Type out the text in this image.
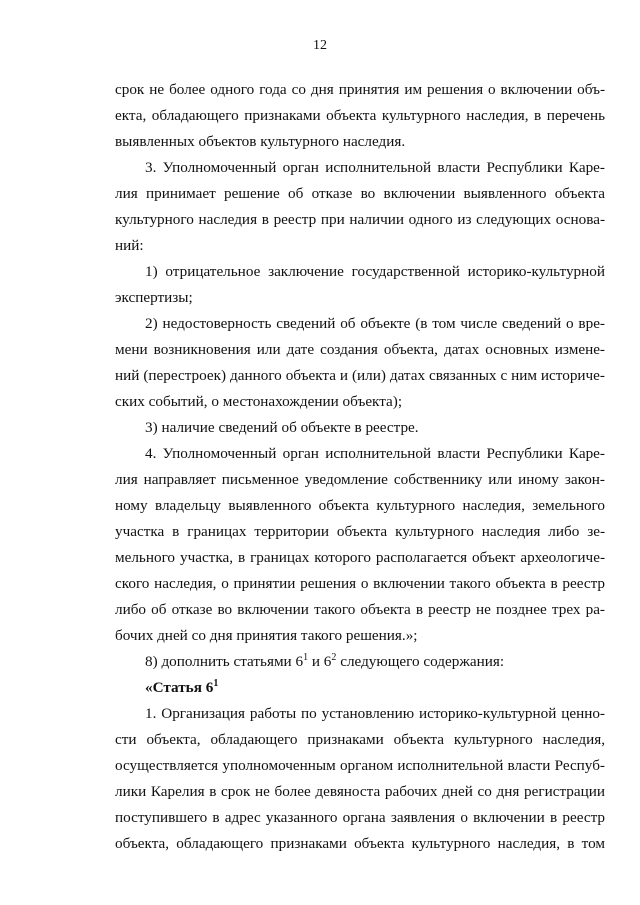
12
срок не более одного года со дня принятия им решения о включении объ-
екта, обладающего признаками объекта культурного наследия, в перечень
выявленных объектов культурного наследия.
3. Уполномоченный орган исполнительной власти Республики Каре-
лия принимает решение об отказе во включении выявленного объекта
культурного наследия в реестр при наличии одного из следующих основа-
ний:
1) отрицательное заключение государственной историко-культурной
экспертизы;
2) недостоверность сведений об объекте (в том числе сведений о вре-
мени возникновения или дате создания объекта, датах основных измене-
ний (перестроек) данного объекта и (или) датах связанных с ним историче-
ских событий, о местонахождении объекта);
3) наличие сведений об объекте в реестре.
4. Уполномоченный орган исполнительной власти Республики Каре-
лия направляет письменное уведомление собственнику или иному закон-
ному владельцу выявленного объекта культурного наследия, земельного
участка в границах территории объекта культурного наследия либо зе-
мельного участка, в границах которого располагается объект археологиче-
ского наследия, о принятии решения о включении такого объекта в реестр
либо об отказе во включении такого объекта в реестр не позднее трех ра-
бочих дней со дня принятия такого решения.»;
8) дополнить статьями $6^1$ и $6^2$ следующего содержания:
«Статья $6^1$
1. Организация работы по установлению историко-культурной ценно-
сти объекта, обладающего признаками объекта культурного наследия,
осуществляется уполномоченным органом исполнительной власти Респуб-
лики Карелия в срок не более девяноста рабочих дней со дня регистрации
поступившего в адрес указанного органа заявления о включении в реестр
объекта, обладающего признаками объекта культурного наследия, в том
